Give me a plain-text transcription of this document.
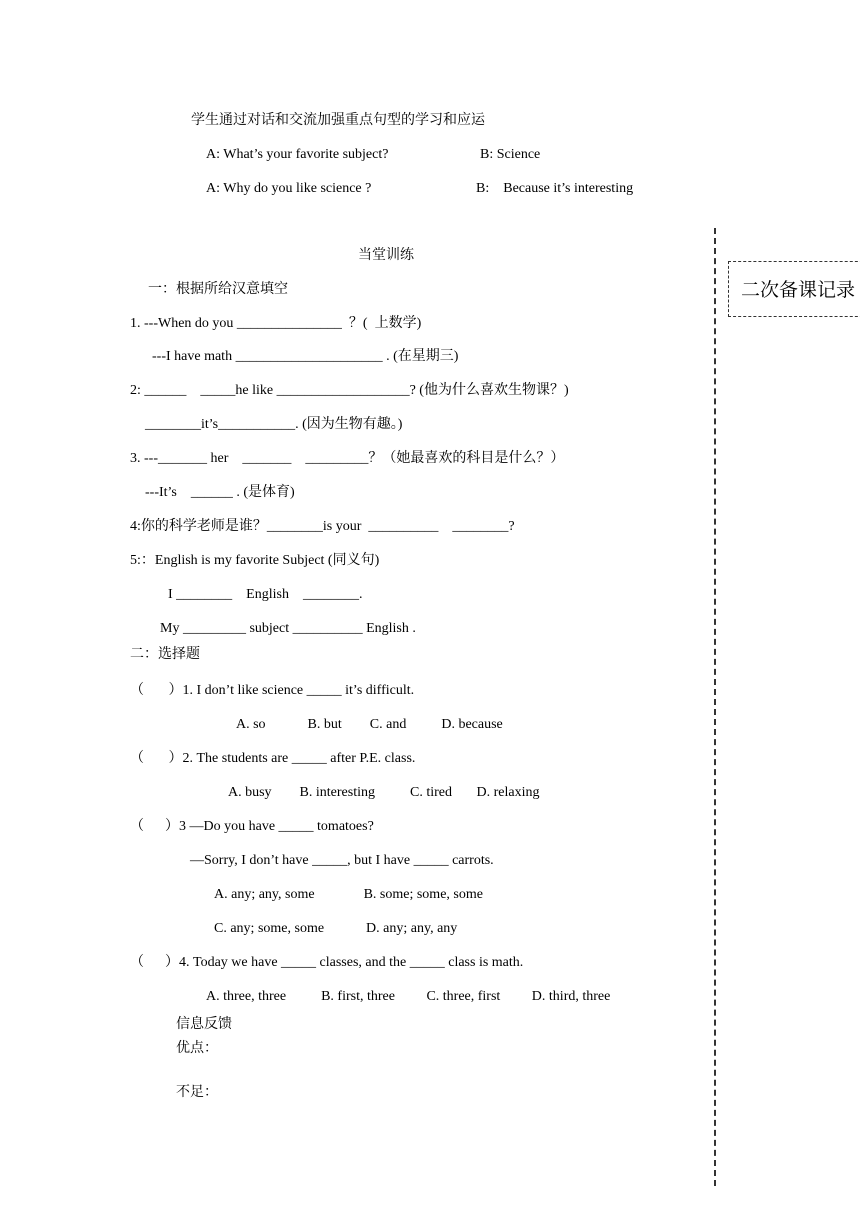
学生通过对话和交流加强重点句型的学习和应运
A: What’s your favorite subject?	B: Science
A: Why do you like science ?	B:    Because it’s interesting
当堂训练
一：根据所给汉意填空
1. ---When do you _______________  ？(  上数学)
---I have math _____________________ . (在星期三)
2: ______    _____he like ___________________? (他为什么喜欢生物课？)
________it’s___________. (因为生物有趣。)
3. ---_______ her    _______    _________？（她最喜欢的科目是什么？）
---It’s    ______ . (是体育)
4:你的科学老师是谁？________is your  __________    ________?
5:：English is my favorite Subject (同义句)
I ________    English    ________.
My _________ subject __________ English .
二：选择题
（       ）1. I don’t like science _____ it’s difficult.
A. so            B. but        C. and          D. because
（       ）2. The students are _____ after P.E. class.
A. busy        B. interesting          C. tired       D. relaxing
（      ）3 —Do you have _____ tomatoes?
—Sorry, I don’t have _____, but I have _____ carrots.
A. any; any, some              B. some; some, some
C. any; some, some            D. any; any, any
（      ）4. Today we have _____ classes, and the _____ class is math.
A. three, three          B. first, three         C. three, first         D. third, three
信息反馈
优点：
不足：
二次备课记录
